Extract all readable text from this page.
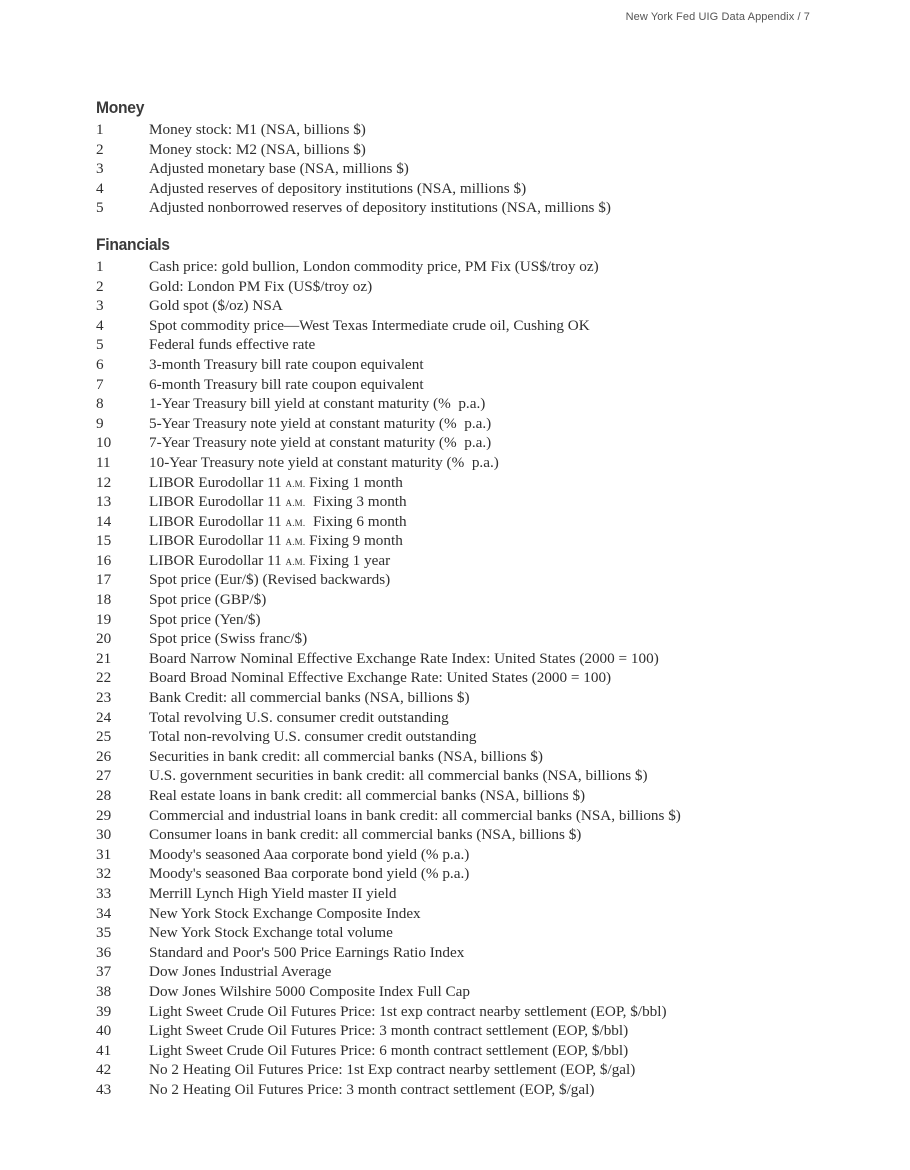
New York Fed UIG Data Appendix / 7
Money
1	Money stock: M1 (NSA, billions $)
2	Money stock: M2 (NSA, billions $)
3	Adjusted monetary base (NSA, millions $)
4	Adjusted reserves of depository institutions (NSA, millions $)
5	Adjusted nonborrowed reserves of depository institutions (NSA, millions $)
Financials
1	Cash price: gold bullion, London commodity price, PM Fix (US$/troy oz)
2	Gold: London PM Fix (US$/troy oz)
3	Gold spot ($/oz) NSA
4	Spot commodity price—West Texas Intermediate crude oil, Cushing OK
5	Federal funds effective rate
6	3-month Treasury bill rate coupon equivalent
7	6-month Treasury bill rate coupon equivalent
8	1-Year Treasury bill yield at constant maturity (%  p.a.)
9	5-Year Treasury note yield at constant maturity (%  p.a.)
10	7-Year Treasury note yield at constant maturity (%  p.a.)
11	10-Year Treasury note yield at constant maturity (%  p.a.)
12	LIBOR Eurodollar 11 A.M. Fixing 1 month
13	LIBOR Eurodollar 11 A.M.  Fixing 3 month
14	LIBOR Eurodollar 11 A.M.  Fixing 6 month
15	LIBOR Eurodollar 11 A.M. Fixing 9 month
16	LIBOR Eurodollar 11 A.M. Fixing 1 year
17	Spot price (Eur/$) (Revised backwards)
18	Spot price (GBP/$)
19	Spot price (Yen/$)
20	Spot price (Swiss franc/$)
21	Board Narrow Nominal Effective Exchange Rate Index: United States (2000 = 100)
22	Board Broad Nominal Effective Exchange Rate: United States (2000 = 100)
23	Bank Credit: all commercial banks (NSA, billions $)
24	Total revolving U.S. consumer credit outstanding
25	Total non-revolving U.S. consumer credit outstanding
26	Securities in bank credit: all commercial banks (NSA, billions $)
27	U.S. government securities in bank credit: all commercial banks (NSA, billions $)
28	Real estate loans in bank credit: all commercial banks (NSA, billions $)
29	Commercial and industrial loans in bank credit: all commercial banks (NSA, billions $)
30	Consumer loans in bank credit: all commercial banks (NSA, billions $)
31	Moody's seasoned Aaa corporate bond yield (% p.a.)
32	Moody's seasoned Baa corporate bond yield (% p.a.)
33	Merrill Lynch High Yield master II yield
34	New York Stock Exchange Composite Index
35	New York Stock Exchange total volume
36	Standard and Poor's 500 Price Earnings Ratio Index
37	Dow Jones Industrial Average
38	Dow Jones Wilshire 5000 Composite Index Full Cap
39	Light Sweet Crude Oil Futures Price: 1st exp contract nearby settlement (EOP, $/bbl)
40	Light Sweet Crude Oil Futures Price: 3 month contract settlement (EOP, $/bbl)
41	Light Sweet Crude Oil Futures Price: 6 month contract settlement (EOP, $/bbl)
42	No 2 Heating Oil Futures Price: 1st Exp contract nearby settlement (EOP, $/gal)
43	No 2 Heating Oil Futures Price: 3 month contract settlement (EOP, $/gal)
